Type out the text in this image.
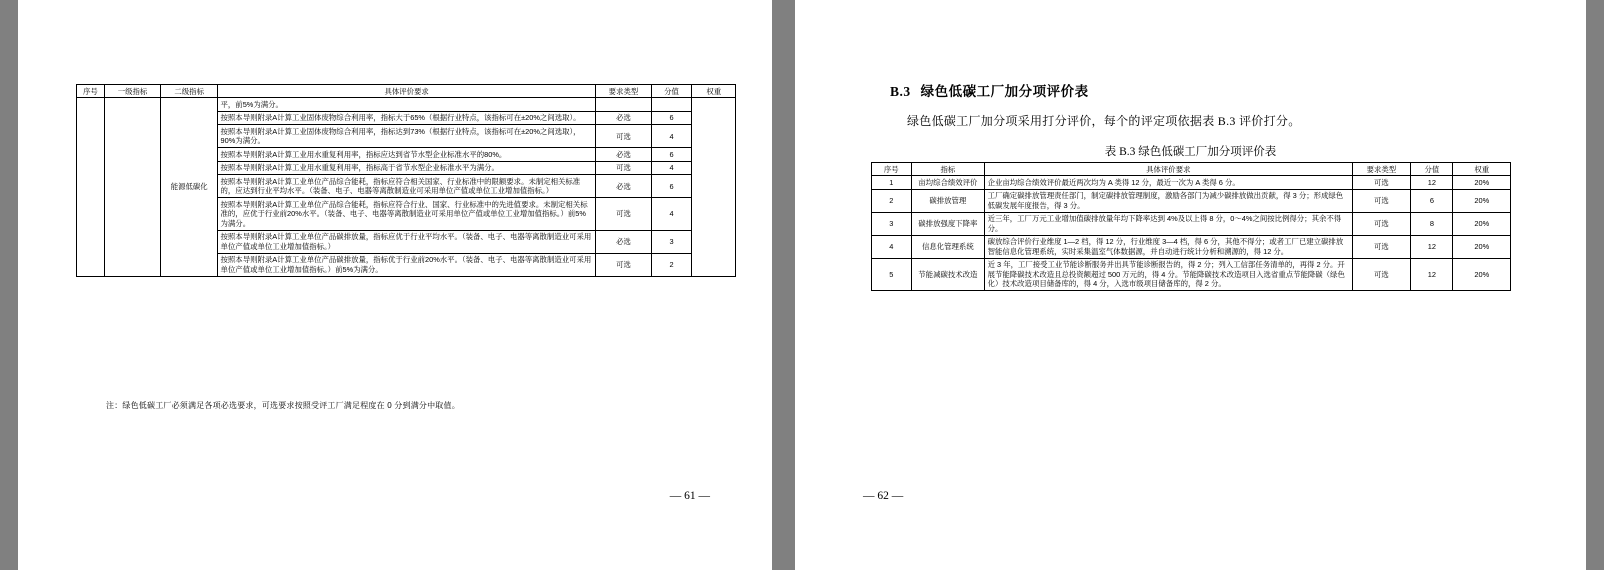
序号	一级指标	二级指标	具体评价要求	要求类型	分值	权重
		能源低碳化	平，前5%为满分。			
			按照本导则附录A计算工业固体废物综合利用率，指标大于65%（根据行业特点，该指标可在±20%之间选取）。	必选	6	
			按照本导则附录A计算工业固体废物综合利用率，指标达到73%（根据行业特点，该指标可在±20%之间选取），90%为满分。	可选	4	
			按照本导则附录A计算工业用水重复利用率，指标应达到省节水型企业标准水平的80%。	必选	6	
			按照本导则附录A计算工业用水重复利用率，指标高于省节水型企业标准水平为满分。	可选	4	
			按照本导则附录A计算工业单位产品综合能耗，指标应符合相关国家、行业标准中的限额要求。未制定相关标准的，应达到行业平均水平。（装备、电子、电器等离散制造业可采用单位产值或单位工业增加值指标。）	必选	6	
			按照本导则附录A计算工业单位产品综合能耗，指标应符合行业、国家、行业标准中的先进值要求。未制定相关标准的，应优于行业前20%水平。（装备、电子、电器等离散制造业可采用单位产值或单位工业增加值指标。）前5%为满分。	可选	4	
			按照本导则附录A计算工业单位产品碳排放量，指标应优于行业平均水平。（装备、电子、电器等离散制造业可采用单位产值或单位工业增加值指标。）	必选	3	
			按照本导则附录A计算工业单位产品碳排放量，指标优于行业前20%水平。（装备、电子、电器等离散制造业可采用单位产值或单位工业增加值指标。）前5%为满分。	可选	2	
注：绿色低碳工厂必须满足各项必选要求，可选要求按照受评工厂满足程度在 0 分到满分中取值。
— 61 —
B.3 绿色低碳工厂加分项评价表
绿色低碳工厂加分项采用打分评价，每个的评定项依据表 B.3 评价打分。
表 B.3 绿色低碳工厂加分项评价表
序号	指标	具体评价要求	要求类型	分值	权重
1	亩均综合绩效评价	企业亩均综合绩效评价最近两次均为 A 类得 12 分，最近一次为 A 类得 6 分。	可选	12	20%
2	碳排放管理	工厂确定碳排放管理责任部门，制定碳排放管理制度，激励各部门为减少碳排放做出贡献，得 3 分；形成绿色低碳发展年度报告，得 3 分。	可选	6	20%
3	碳排放强度下降率	近三年，工厂万元工业增加值碳排放量年均下降率达到 4%及以上得 8 分，0～4%之间按比例得分；其余不得分。	可选	8	20%
4	信息化管理系统	碳放综合评价行业维度 1—2 档，得 12 分，行业维度 3—4 档，得 6 分，其他不得分；或者工厂已建立碳排放智能信息化管理系统，实时采集温室气体数据源，并自动进行统计分析和溯源的，得 12 分。	可选	12	20%
5	节能减碳技术改造	近 3 年，工厂接受工业节能诊断服务并出具节能诊断报告的，得 2 分；列入工信部任务清单的，再得 2 分。开展节能降碳技术改造且总投资额超过 500 万元的，得 4 分。节能降碳技术改造项目入选省重点节能降碳（绿色化）技术改造项目储备库的，得 4 分，入选市级项目储备库的，得 2 分。	可选	12	20%
— 62 —
